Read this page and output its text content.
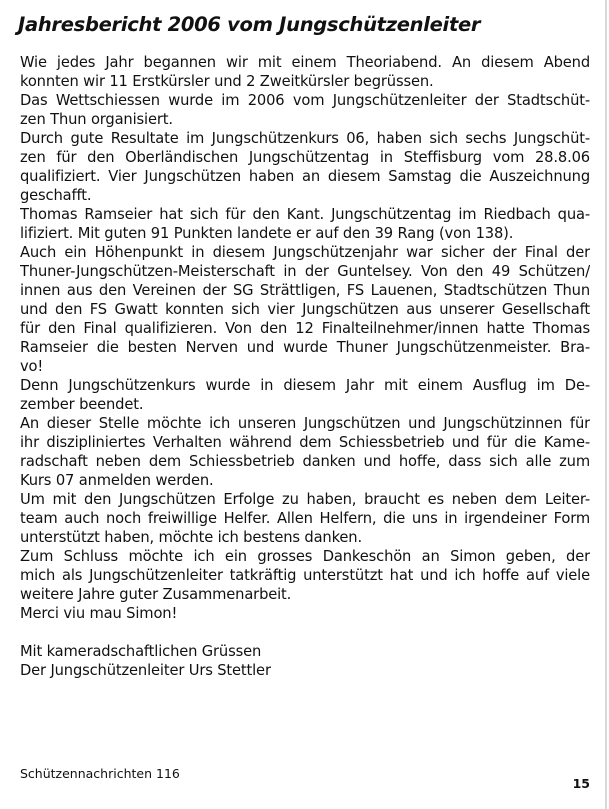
Jahresbericht 2006 vom Jungschützenleiter
Wie jedes Jahr begannen wir mit einem Theoriabend. An diesem Abend
konnten wir 11 Erstkürsler und 2 Zweitkürsler begrüssen.
Das Wettschiessen wurde im 2006 vom Jungschützenleiter der Stadtschüt-
zen Thun organisiert.
Durch gute Resultate im Jungschützenkurs 06, haben sich sechs Jungschüt-
zen für den Oberländischen Jungschützentag in Steffisburg vom 28.8.06
qualifiziert. Vier Jungschützen haben an diesem Samstag die Auszeichnung
geschafft.
Thomas Ramseier hat sich für den Kant. Jungschützentag im Riedbach qua-
lifiziert. Mit guten 91 Punkten landete er auf den 39 Rang (von 138).
Auch ein Höhenpunkt in diesem Jungschützenjahr war sicher der Final der
Thuner-Jungschützen-Meisterschaft in der Guntelsey. Von den 49 Schützen/
innen aus den Vereinen der SG Strättligen, FS Lauenen, Stadtschützen Thun
und den FS Gwatt konnten sich vier Jungschützen aus unserer Gesellschaft
für den Final qualifizieren. Von den 12 Finalteilnehmer/innen hatte Thomas
Ramseier die besten Nerven und wurde Thuner Jungschützenmeister. Bra-
vo!
Denn Jungschützenkurs wurde in diesem Jahr mit einem Ausflug im De-
zember beendet.
An dieser Stelle möchte ich unseren Jungschützen und Jungschützinnen für
ihr diszipliniertes Verhalten während dem Schiessbetrieb und für die Kame-
radschaft neben dem Schiessbetrieb danken und hoffe, dass sich alle zum
Kurs 07 anmelden werden.
Um mit den Jungschützen Erfolge zu haben, braucht es neben dem Leiter-
team auch noch freiwillige Helfer. Allen Helfern, die uns in irgendeiner Form
unterstützt haben, möchte ich bestens danken.
Zum Schluss möchte ich ein grosses Dankeschön an Simon geben, der
mich als Jungschützenleiter tatkräftig unterstützt hat und ich hoffe auf viele
weitere Jahre guter Zusammenarbeit.
Merci viu mau Simon!
Mit kameradschaftlichen Grüssen
Der Jungschützenleiter Urs Stettler
Schützennachrichten 116
15
